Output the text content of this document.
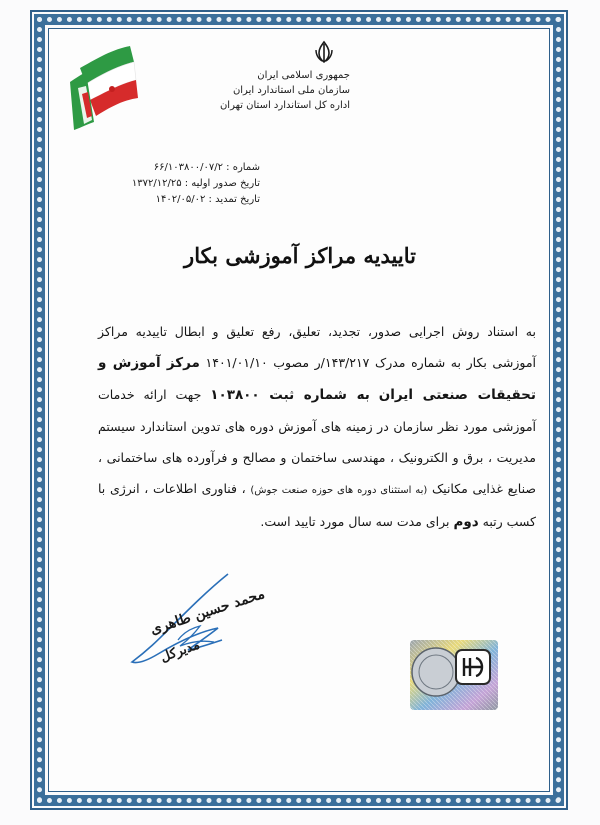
جمهوری اسلامی ایران
سازمان ملی استاندارد ایران
اداره کل استاندارد استان تهران
شماره : ۶۶/۱۰۳۸۰۰/۰۷/۲
تاریخ صدور اولیه : ۱۳۷۲/۱۲/۲۵
تاریخ تمدید : ۱۴۰۲/۰۵/۰۲
تاییدیه مراکز آموزشی بکار
به استناد روش اجرایی صدور، تجدید، تعلیق، رفع تعلیق و ابطال تاییدیه مراکز آموزشی بکار به شماره مدرک ۱۴۳/۲۱۷/ر مصوب ۱۴۰۱/۰۱/۱۰ مرکز آموزش و تحقیقات صنعتی ایران به شماره ثبت ۱۰۳۸۰۰ جهت ارائه خدمات آموزشی مورد نظر سازمان در زمینه های آموزش دوره های تدوین استاندارد سیستم مدیریت ، برق و الکترونیک ، مهندسی ساختمان و مصالح و فرآورده های ساختمانی ، صنایع غذایی مکانیک (به استثنای دوره های حوزه صنعت جوش) ، فناوری اطلاعات ، انرژی با کسب رتبه دوم برای مدت سه سال مورد تایید است.
محمد حسین طاهری
مدیرکل
